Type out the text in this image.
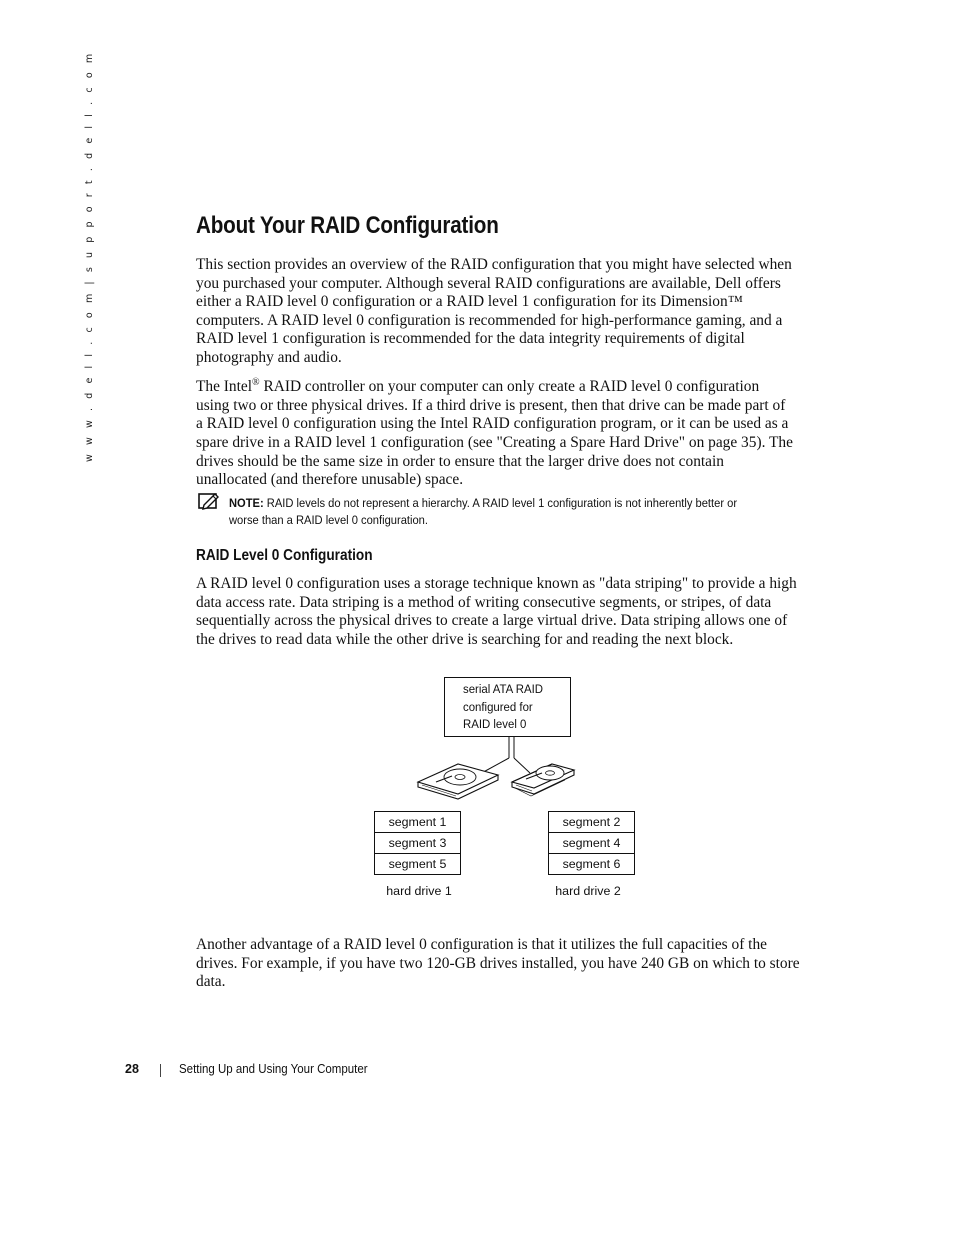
w w w . d e l l . c o m | s u p p o r t . d e l l . c o m	About Your RAID Configuration

This section provides an overview of the RAID configuration that you might have selected when
you purchased your computer. Although several RAID configurations are available, Dell offers
either a RAID level 0 configuration or a RAID level 1 configuration for its Dimension™
computers. A RAID level 0 configuration is recommended for high-performance gaming, and a
RAID level 1 configuration is recommended for the data integrity requirements of digital
photography and audio.

The Intel® RAID controller on your computer can only create a RAID level 0 configuration
using two or three physical drives. If a third drive is present, then that drive can be made part of
a RAID level 0 configuration using the Intel RAID configuration program, or it can be used as a
spare drive in a RAID level 1 configuration (see "Creating a Spare Hard Drive" on page 35). The
drives should be the same size in order to ensure that the larger drive does not contain
unallocated (and therefore unusable) space.

NOTE: RAID levels do not represent a hierarchy. A RAID level 1 configuration is not inherently better or
worse than a RAID level 0 configuration.

RAID Level 0 Configuration

A RAID level 0 configuration uses a storage technique known as "data striping" to provide a high
data access rate. Data striping is a method of writing consecutive segments, or stripes, of data
sequentially across the physical drives to create a large virtual drive. Data striping allows one of
the drives to read data while the other drive is searching for and reading the next block.

serial ATA RAID
configured for
RAID level 0
segment 1
segment 3
segment 5
segment 2
segment 4
segment 6
hard drive 1	hard drive 2

Another advantage of a RAID level 0 configuration is that it utilizes the full capacities of the
drives. For example, if you have two 120-GB drives installed, you have 240 GB on which to store
data.

28	Setting Up and Using Your Computer
